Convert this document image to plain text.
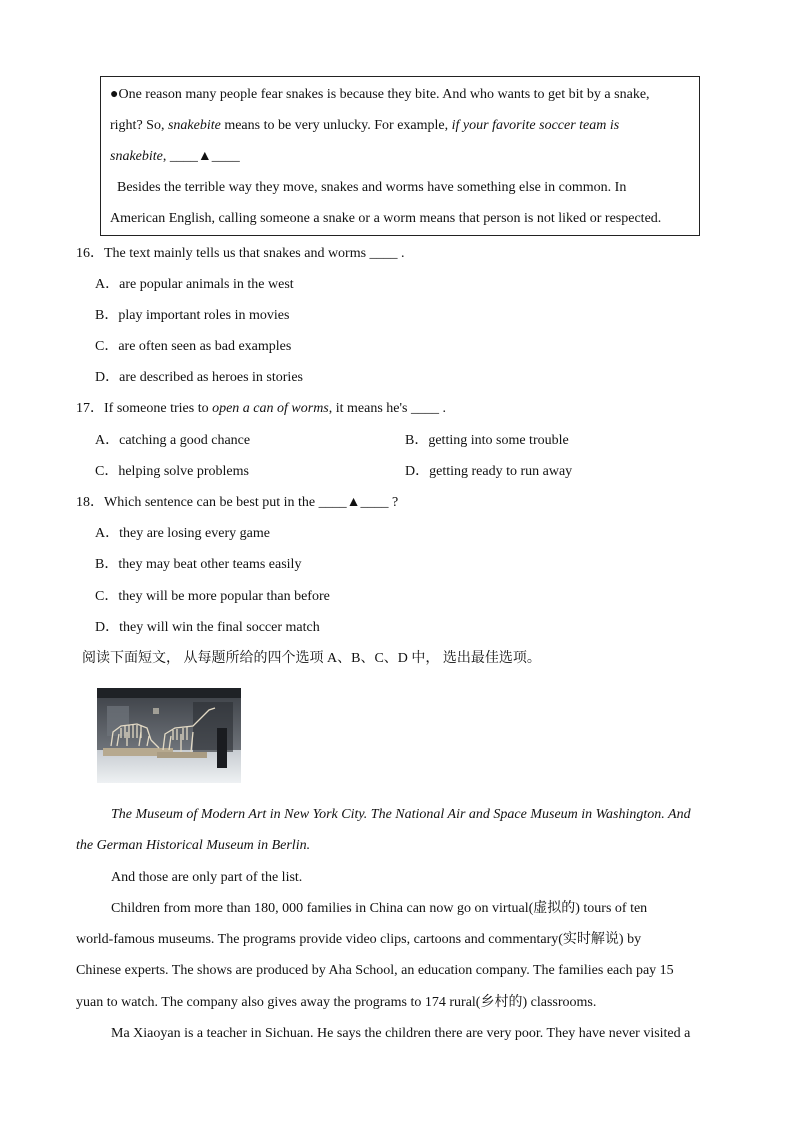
●One reason many people fear snakes is because they bite. And who wants to get bit by a snake,
right? So, snakebite means to be very unlucky. For example, if your favorite soccer team is
snakebite, ____▲____
Besides the terrible way they move, snakes and worms have something else in common. In
American English, calling someone a snake or a worm means that person is not liked or respected.
16．The text mainly tells us that snakes and worms ____ .
A．are popular animals in the west
B．play important roles in movies
C．are often seen as bad examples
D．are described as heroes in stories
17．If someone tries to open a can of worms, it means he's ____ .
A．catching a good chance	B．getting into some trouble
C．helping solve problems	D．getting ready to run away
18．Which sentence can be best put in the ____▲____ ?
A．they are losing every game
B．they may beat other teams easily
C．they will be more popular than before
D．they will win the final soccer match
阅读下面短文， 从每题所给的四个选项 A、B、C、D 中， 选出最佳选项。
The Museum of Modern Art in New York City. The National Air and Space Museum in Washington. And
the German Historical Museum in Berlin.
And those are only part of the list.
Children from more than 180, 000 families in China can now go on virtual(虚拟的) tours of ten
world-famous museums. The programs provide video clips, cartoons and commentary(实时解说) by
Chinese experts. The shows are produced by Aha School, an education company. The families each pay 15
yuan to watch. The company also gives away the programs to 174 rural(乡村的) classrooms.
Ma Xiaoyan is a teacher in Sichuan. He says the children there are very poor. They have never visited a
